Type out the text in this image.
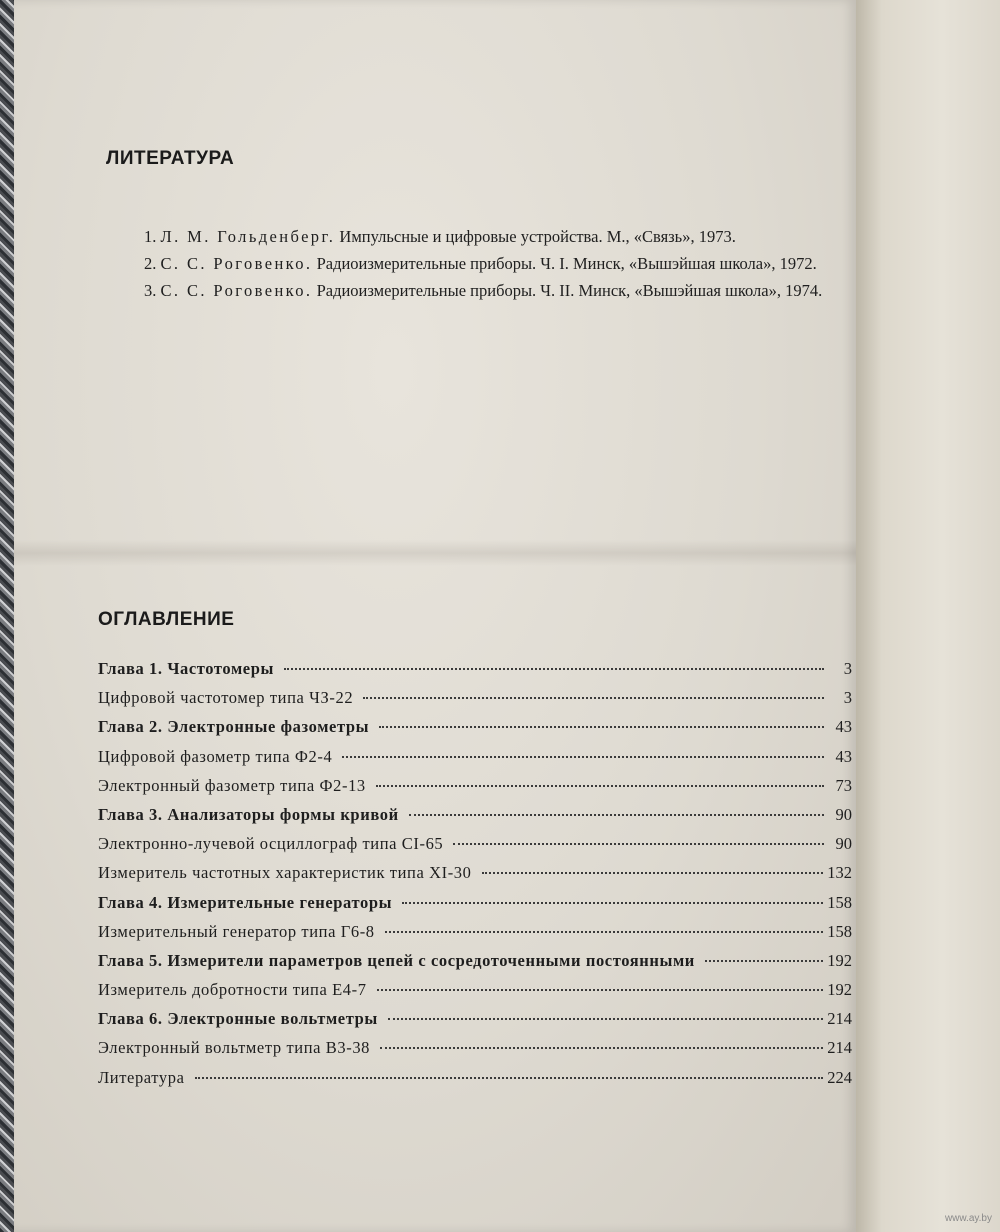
ЛИТЕРАТУРА

1. Л. М. Гольденберг. Импульсные и цифровые устройства. М., «Связь», 1973.

2. С. С. Роговенко. Радиоизмерительные приборы. Ч. I. Минск, «Вышэйшая школа», 1972.

3. С. С. Роговенко. Радиоизмерительные приборы. Ч. II. Минск, «Вышэйшая школа», 1974.

ОГЛАВЛЕНИЕ
Глава 1. Частотомеры	3
Цифровой частотомер типа ЧЗ-22	3
Глава 2. Электронные фазометры	43
Цифровой фазометр типа Ф2-4	43
Электронный фазометр типа Ф2-13	73
Глава 3. Анализаторы формы кривой	90
Электронно-лучевой осциллограф типа СI-65	90
Измеритель частотных характеристик типа XI-30	132
Глава 4. Измерительные генераторы	158
Измерительный генератор типа Г6-8	158
Глава 5. Измерители параметров цепей с сосредоточенными постоянными	192
Измеритель добротности типа Е4-7	192
Глава 6. Электронные вольтметры	214
Электронный вольтметр типа В3-38	214
Литература	224
www.ay.by
